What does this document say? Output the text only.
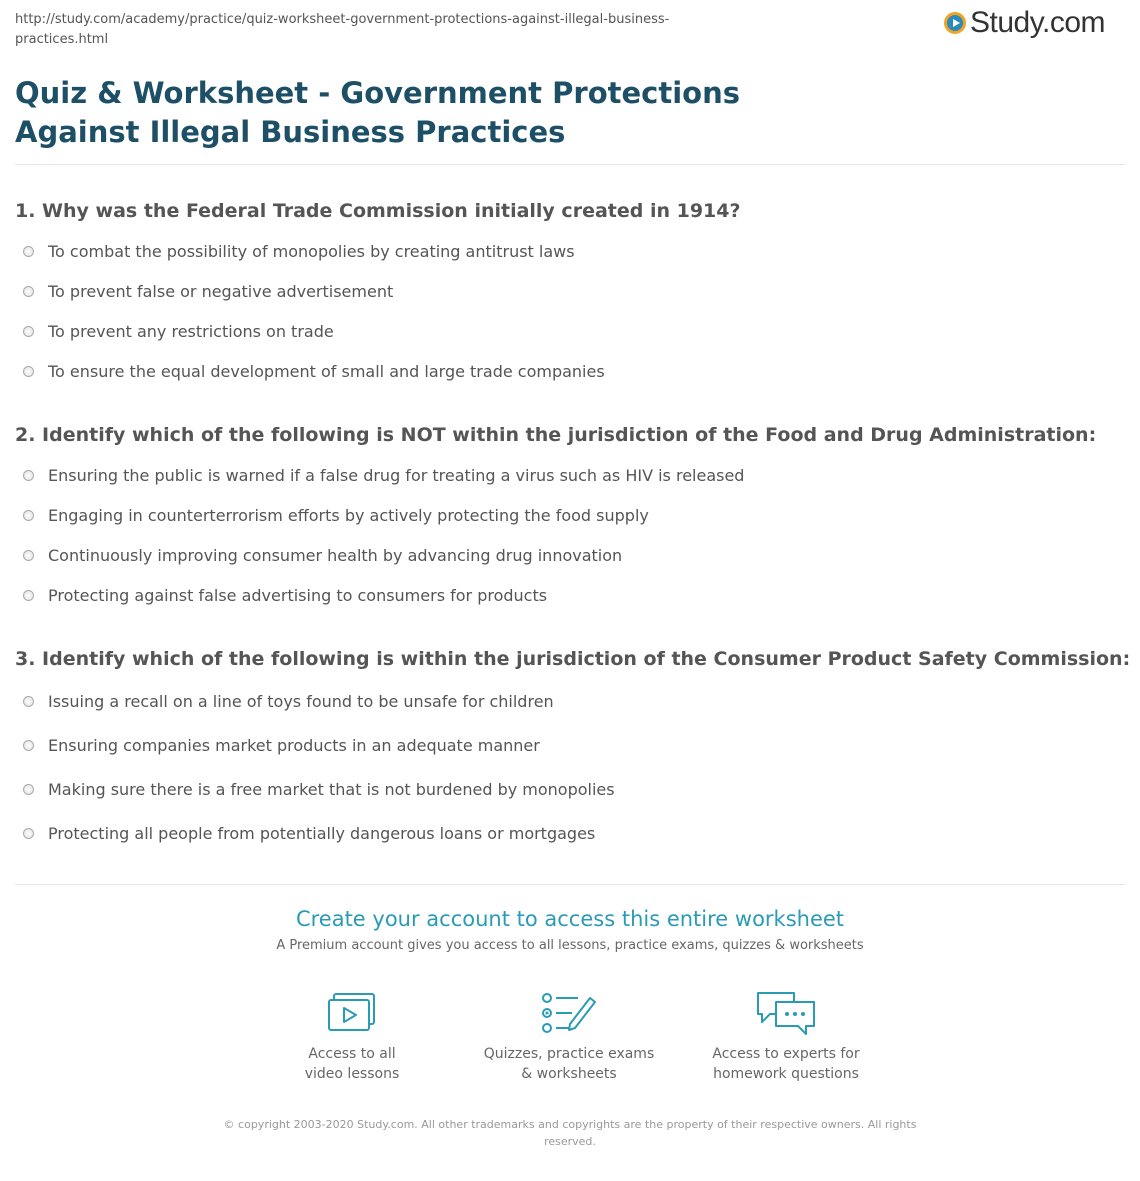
http://study.com/academy/practice/quiz-worksheet-government-protections-against-illegal-business-practices.html
Study.com
Quiz & Worksheet - Government Protections Against Illegal Business Practices
1. Why was the Federal Trade Commission initially created in 1914?
To combat the possibility of monopolies by creating antitrust laws
To prevent false or negative advertisement
To prevent any restrictions on trade
To ensure the equal development of small and large trade companies
2. Identify which of the following is NOT within the jurisdiction of the Food and Drug Administration:
Ensuring the public is warned if a false drug for treating a virus such as HIV is released
Engaging in counterterrorism efforts by actively protecting the food supply
Continuously improving consumer health by advancing drug innovation
Protecting against false advertising to consumers for products
3. Identify which of the following is within the jurisdiction of the Consumer Product Safety Commission:
Issuing a recall on a line of toys found to be unsafe for children
Ensuring companies market products in an adequate manner
Making sure there is a free market that is not burdened by monopolies
Protecting all people from potentially dangerous loans or mortgages
Create your account to access this entire worksheet
A Premium account gives you access to all lessons, practice exams, quizzes & worksheets
Access to all
video lessons
Quizzes, practice exams
& worksheets
Access to experts for
homework questions
© copyright 2003-2020 Study.com. All other trademarks and copyrights are the property of their respective owners. All rights reserved.
